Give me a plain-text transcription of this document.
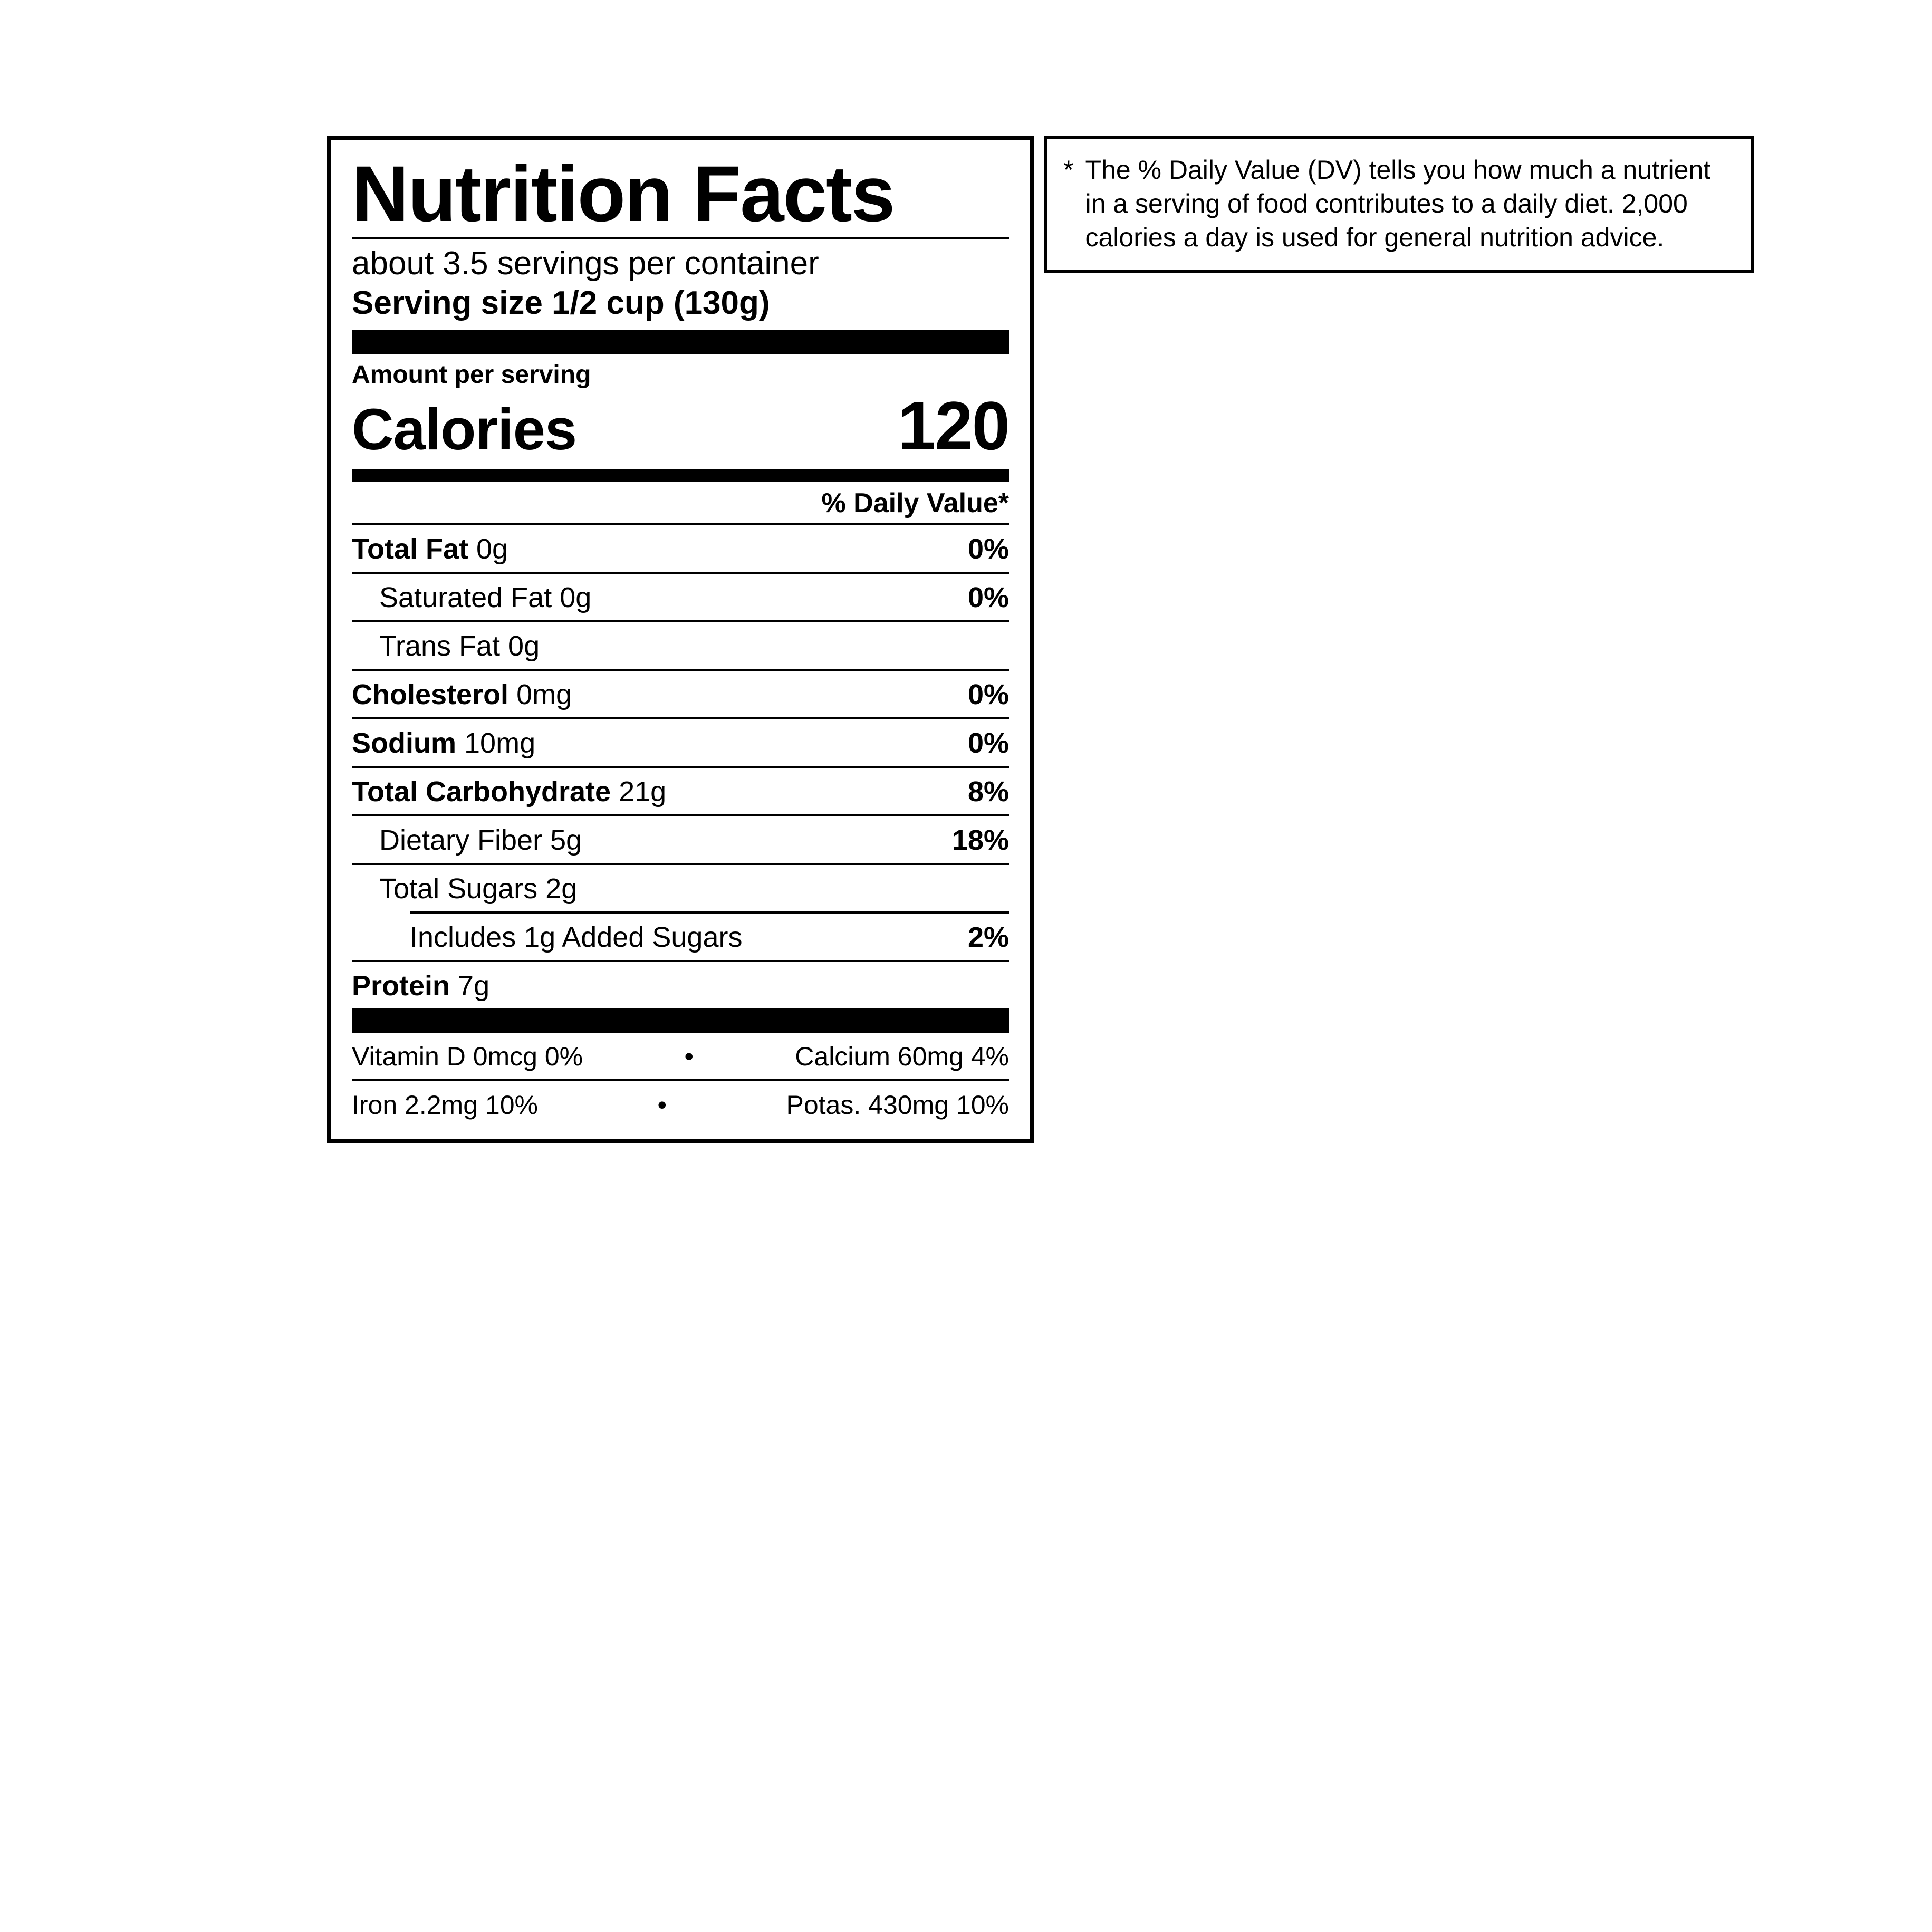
Nutrition Facts
about 3.5 servings per container
Serving size 1/2 cup (130g)
Amount per serving
Calories	120
% Daily Value*
Total Fat 0g	0%
Saturated Fat 0g	0%
Trans Fat 0g
Cholesterol 0mg	0%
Sodium 10mg	0%
Total Carbohydrate 21g	8%
Dietary Fiber 5g	18%
Total Sugars 2g
Includes 1g Added Sugars	2%
Protein 7g
Vitamin D 0mcg 0%	•	Calcium 60mg 4%
Iron 2.2mg 10%	•	Potas. 430mg 10%
* The % Daily Value (DV) tells you how much a nutrient in a serving of food contributes to a daily diet. 2,000 calories a day is used for general nutrition advice.
